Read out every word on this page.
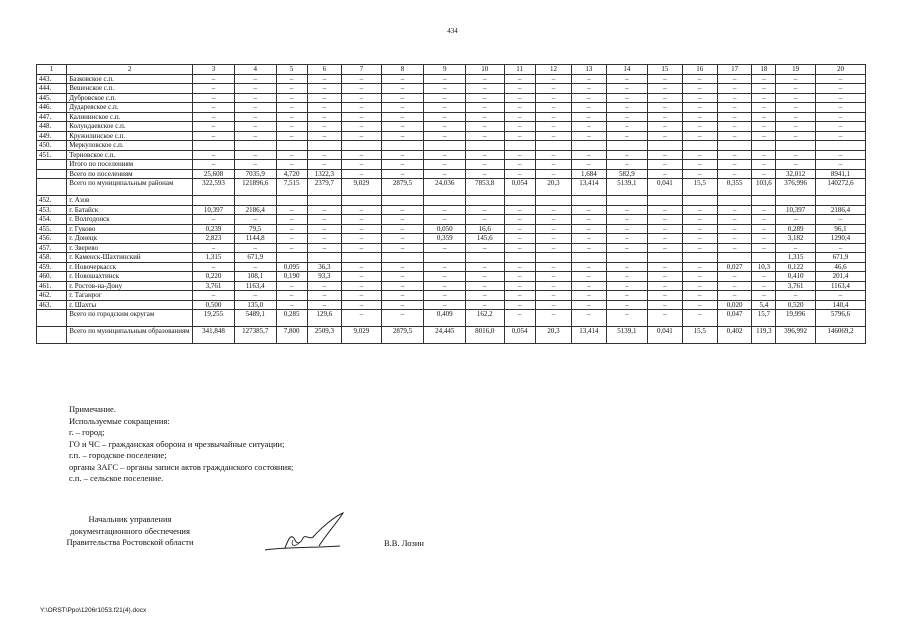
434
1	2	3	4	5	6	7	8	9	10	11	12	13	14	15	16	17	18	19	20
443.	Базковское с.п.	–	–	–	–	–	–	–	–	–	–	–	–	–	–	–	–	–	–
444.	Вешенское с.п.	–	–	–	–	–	–	–	–	–	–	–	–	–	–	–	–	–	–
445.	Дубровское с.п.	–	–	–	–	–	–	–	–	–	–	–	–	–	–	–	–	–	–
446.	Дударевское с.п.	–	–	–	–	–	–	–	–	–	–	–	–	–	–	–	–	–	–
447.	Калининское с.п.	–	–	–	–	–	–	–	–	–	–	–	–	–	–	–	–	–	–
448.	Колундаевское с.п.	–	–	–	–	–	–	–	–	–	–	–	–	–	–	–	–	–	–
449.	Кружилинское с.п.	–	–	–	–	–	–	–	–	–	–	–	–	–	–	–	–	–	–
450.	Меркуловское с.п.																		
451.	Терновское с.п.	–	–	–	–	–	–	–	–	–	–	–	–	–	–	–	–	–	–
	Итого по поселениям	–	–	–	–	–	–	–	–	–	–	–	–	–	–	–	–	–	–
	Всего по поселениям	25,608	7035,9	4,720	1322,3	–	–	–	–	–	–	1,684	582,9	–	–	–	–	32,012	8941,1
	Всего по муниципальным районам	322,593	121896,6	7,515	2379,7	9,029	2879,5	24,036	7853,8	0,054	20,3	13,414	5139,1	0,041	15,5	0,355	103,6	376,996	140272,6
452.	г. Азов																		
453.	г. Батайск	10,397	2186,4	–	–	–	–	–	–	–	–	–	–	–	–	–	–	10,397	2186,4
454.	г. Волгодонск	–	–	–	–	–	–	–	–	–	–	–	–	–	–	–	–	–	–
455.	г. Гуково	0,239	79,5	–	–	–	–	0,050	16,6	–	–	–	–	–	–	–	–	0,289	96,1
456.	г. Донецк	2,823	1144,8	–	–	–	–	0,359	145,6	–	–	–	–	–	–	–	–	3,182	1290,4
457.	г. Зверево	–	–	–	–	–	–	–	–	–	–	–	–	–	–	–	–	–	–
458.	г. Каменск-Шахтинский	1,315	671,9															1,315	671,9
459.	г. Новочеркасск	–	–	0,095	36,3	–	–	–	–	–	–	–	–	–	–	0,027	10,3	0,122	46,6
460.	г. Новошахтинск	0,220	108,1	0,190	93,3	–	–	–	–	–	–	–	–	–	–	–	–	0,410	201,4
461.	г. Ростов-на-Дону	3,761	1163,4	–	–	–	–	–	–	–	–	–	–	–	–	–	–	3,761	1163,4
462.	г. Таганрог	–	–	–	–	–	–	–	–	–	–	–	–	–	–	–	–	–	–
463.	г. Шахты	0,500	135,0	–	–	–	–	–	–	–	–	–	–	–	–	0,020	5,4	0,520	140,4
	Всего по городским округам	19,255	5489,1	0,285	129,6	–	–	0,409	162,2	–	–	–	–	–	–	0,047	15,7	19,996	5796,6
	Всего по муниципальным образованиям	341,848	127385,7	7,800	2509,3	9,029	2879,5	24,445	8016,0	0,054	20,3	13,414	5139,1	0,041	15,5	0,402	119,3	396,992	146069,2
Примечание.
Используемые сокращения:
г. – город;
ГО и ЧС – гражданская оборона и чрезвычайные ситуации;
г.п. – городское поселение;
органы ЗАГС – органы записи актов гражданского состояния;
с.п. – сельское поселение.
Начальник управления
документационного обеспечения
Правительства Ростовской области	В.В. Лозин
Y:\ORST\Ppo\1206r1053.f21(4).docx
